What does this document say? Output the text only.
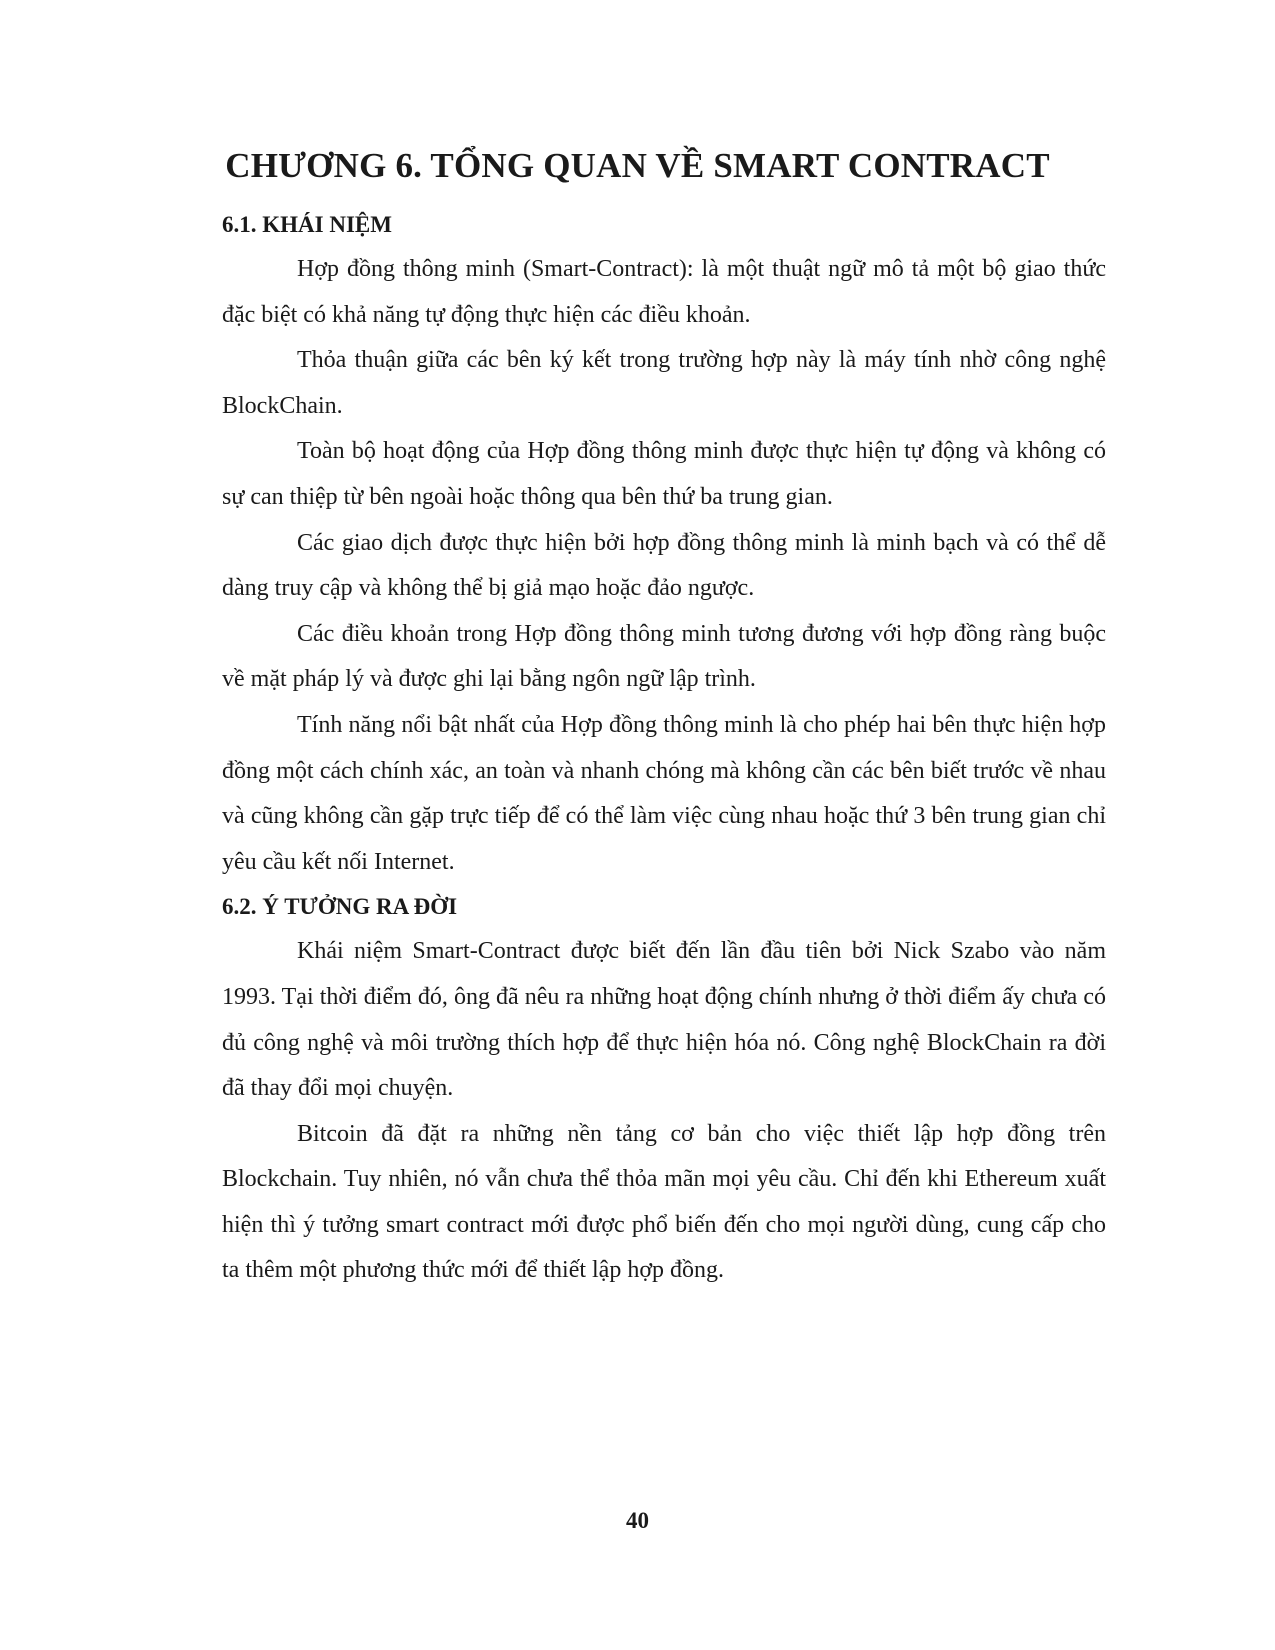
CHƯƠNG 6. TỔNG QUAN VỀ SMART CONTRACT
6.1. KHÁI NIỆM

Hợp đồng thông minh (Smart-Contract): là một thuật ngữ mô tả một bộ giao thức đặc biệt có khả năng tự động thực hiện các điều khoản.

Thỏa thuận giữa các bên ký kết trong trường hợp này là máy tính nhờ công nghệ BlockChain.

Toàn bộ hoạt động của Hợp đồng thông minh được thực hiện tự động và không có sự can thiệp từ bên ngoài hoặc thông qua bên thứ ba trung gian.

Các giao dịch được thực hiện bởi hợp đồng thông minh là minh bạch và có thể dễ dàng truy cập và không thể bị giả mạo hoặc đảo ngược.

Các điều khoản trong Hợp đồng thông minh tương đương với hợp đồng ràng buộc về mặt pháp lý và được ghi lại bằng ngôn ngữ lập trình.

Tính năng nổi bật nhất của Hợp đồng thông minh là cho phép hai bên thực hiện hợp đồng một cách chính xác, an toàn và nhanh chóng mà không cần các bên biết trước về nhau và cũng không cần gặp trực tiếp để có thể làm việc cùng nhau hoặc thứ 3 bên trung gian chỉ yêu cầu kết nối Internet.

6.2. Ý TƯỞNG RA ĐỜI

Khái niệm Smart-Contract được biết đến lần đầu tiên bởi Nick Szabo vào năm 1993. Tại thời điểm đó, ông đã nêu ra những hoạt động chính nhưng ở thời điểm ấy chưa có đủ công nghệ và môi trường thích hợp để thực hiện hóa nó. Công nghệ BlockChain ra đời đã thay đổi mọi chuyện.

Bitcoin đã đặt ra những nền tảng cơ bản cho việc thiết lập hợp đồng trên Blockchain. Tuy nhiên, nó vẫn chưa thể thỏa mãn mọi yêu cầu. Chỉ đến khi Ethereum xuất hiện thì ý tưởng smart contract mới được phổ biến đến cho mọi người dùng, cung cấp cho ta thêm một phương thức mới để thiết lập hợp đồng.

40
